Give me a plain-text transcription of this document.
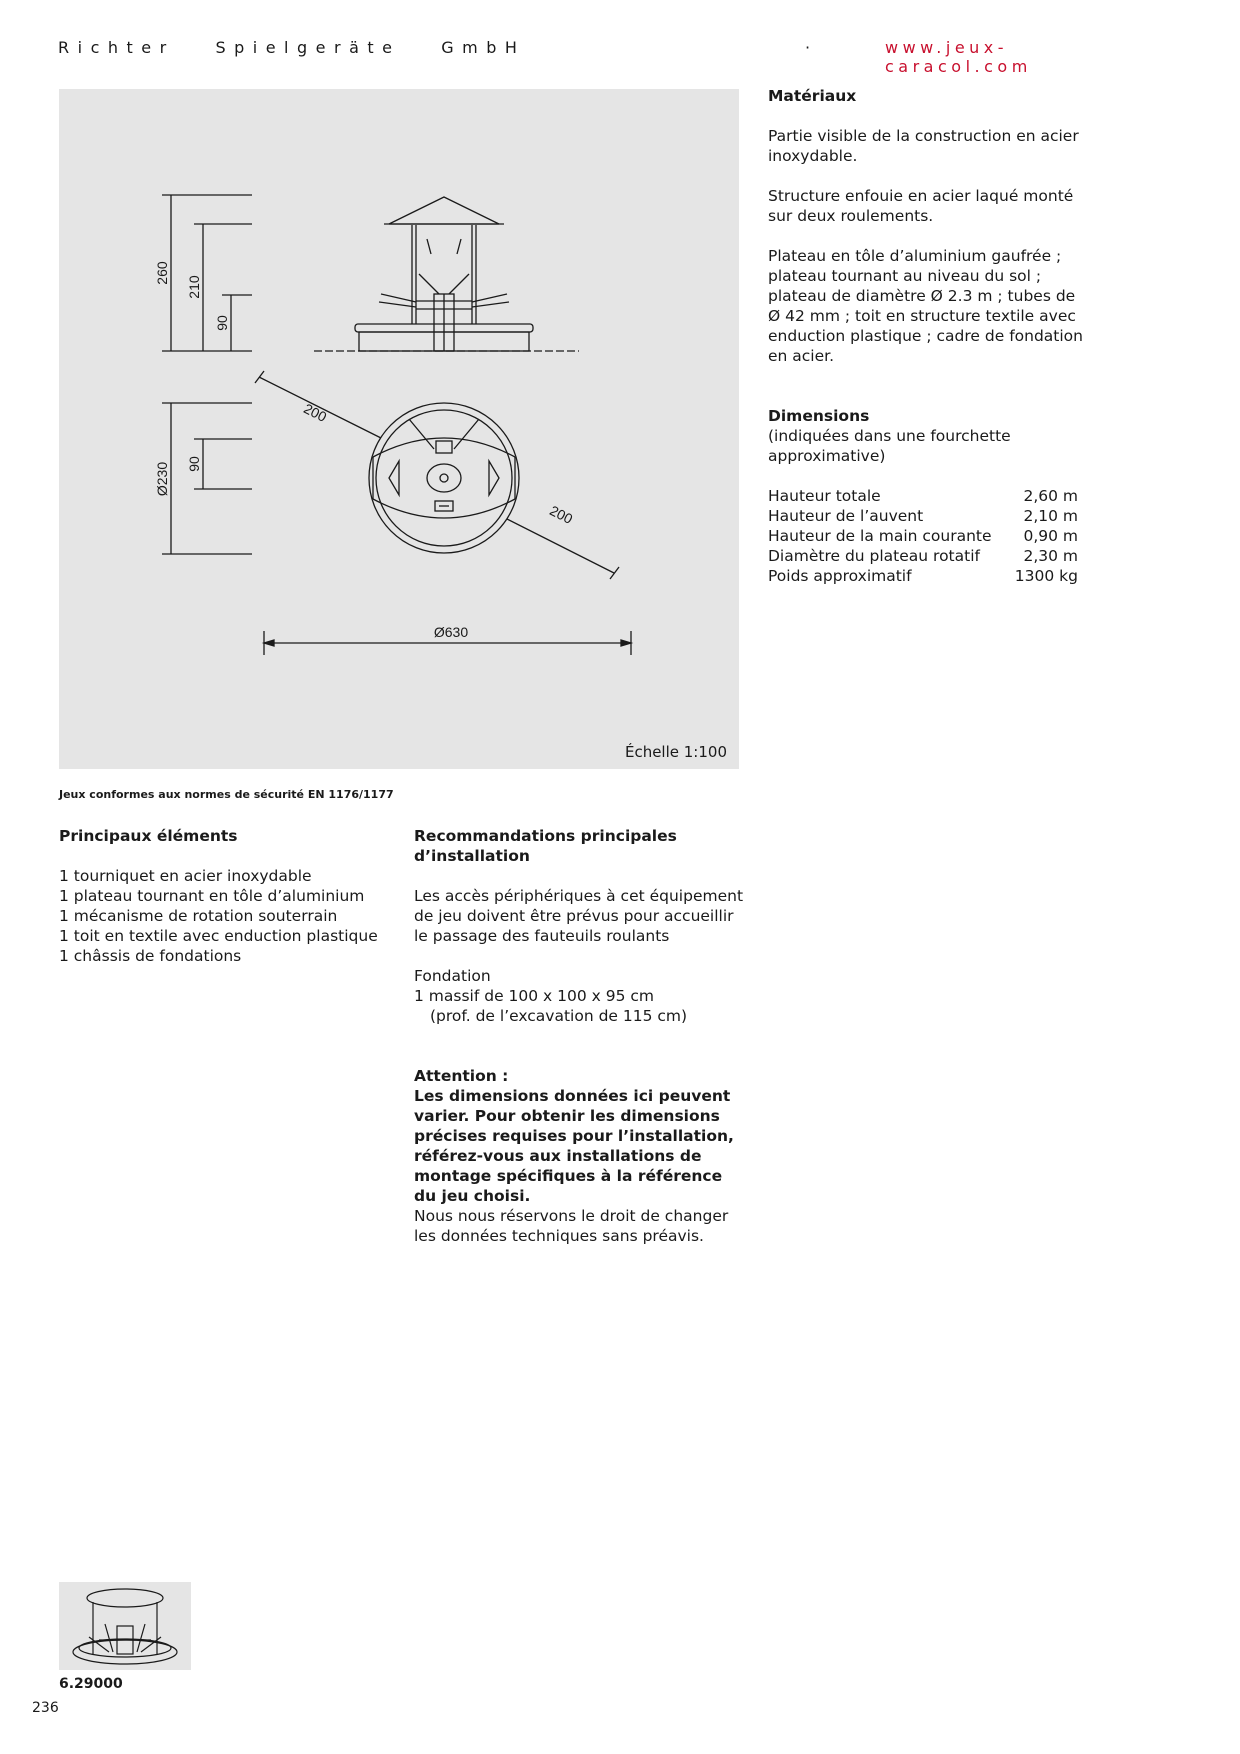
Richter   Spielgeräte   GmbH	·	www.jeux-caracol.com
260
210
90
Ø230 90
200
200
Ø630
Échelle 1:100
Jeux conformes aux normes de sécurité EN 1176/1177

Matériaux

Partie visible de la construction en acier inoxydable.

Structure enfouie en acier laqué monté sur deux roulements.

Plateau en tôle d’aluminium gaufrée ; plateau tournant au niveau du sol ; plateau de diamètre Ø 2.3 m ; tubes de Ø 42 mm ; toit en structure textile avec enduction plastique ; cadre de fondation en acier.

Dimensions

(indiquées dans une fourchette approximative)

Hauteur totale	2,60 m
Hauteur de l’auvent	2,10 m
Hauteur de la main courante 0,90 m
Diamètre du plateau rotatif	2,30 m
Poids approximatif	1300 kg

Principaux éléments

1 tourniquet en acier inoxydable

1 plateau tournant en tôle d’aluminium

1 mécanisme de rotation souterrain

1 toit en textile avec enduction plastique

1 châssis de fondations

Recommandations principales d’installation

Les accès périphériques à cet équipement de jeu doivent être prévus pour accueillir le passage des fauteuils roulants

Fondation

1 massif de 100 x 100 x 95 cm

(prof. de l’excavation de 115 cm)

Attention :

Les dimensions données ici peuvent varier. Pour obtenir les dimensions précises requises pour l’installation, référez-vous aux installations de montage spécifiques à la référence du jeu choisi.

Nous nous réservons le droit de changer les données techniques sans préavis.

6.29000
236
